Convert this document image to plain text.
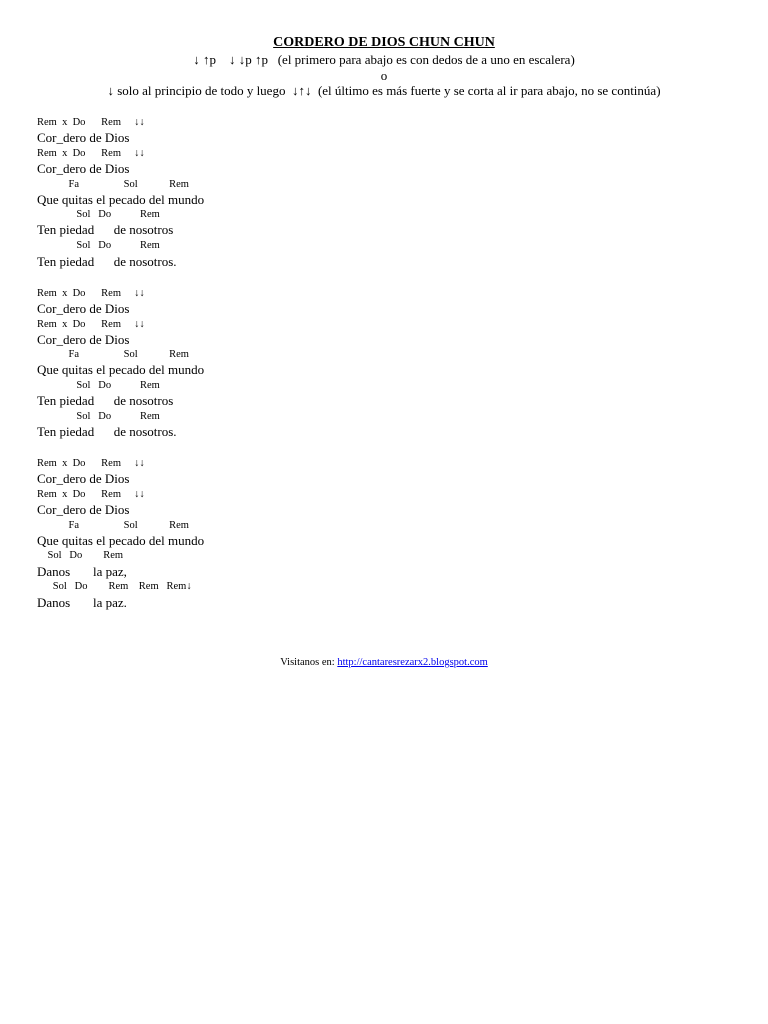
CORDERO DE DIOS CHUN CHUN
↓ ↑p    ↓ ↓p ↑p   (el primero para abajo es con dedos de a uno en escalera)
o
↓ solo al principio de todo y luego  ↓↑↓  (el último es más fuerte y se corta al ir para abajo, no se continúa)
Rem  x  Do      Rem     ↓↓
Cor_dero de Dios
Rem  x  Do      Rem     ↓↓
Cor_dero de Dios
Fa                 Sol            Rem
Que quitas el pecado del mundo
Sol   Do           Rem
Ten piedad      de nosotros
Sol   Do           Rem
Ten piedad      de nosotros.
Rem  x  Do      Rem     ↓↓
Cor_dero de Dios
Rem  x  Do      Rem     ↓↓
Cor_dero de Dios
Fa                 Sol            Rem
Que quitas el pecado del mundo
Sol   Do           Rem
Ten piedad      de nosotros
Sol   Do           Rem
Ten piedad      de nosotros.
Rem  x  Do      Rem     ↓↓
Cor_dero de Dios
Rem  x  Do      Rem     ↓↓
Cor_dero de Dios
Fa                 Sol            Rem
Que quitas el pecado del mundo
Sol   Do        Rem
Danos       la paz,
Sol   Do        Rem    Rem   Rem↓
Danos       la paz.
Visitanos en: http://cantaresrezarx2.blogspot.com
